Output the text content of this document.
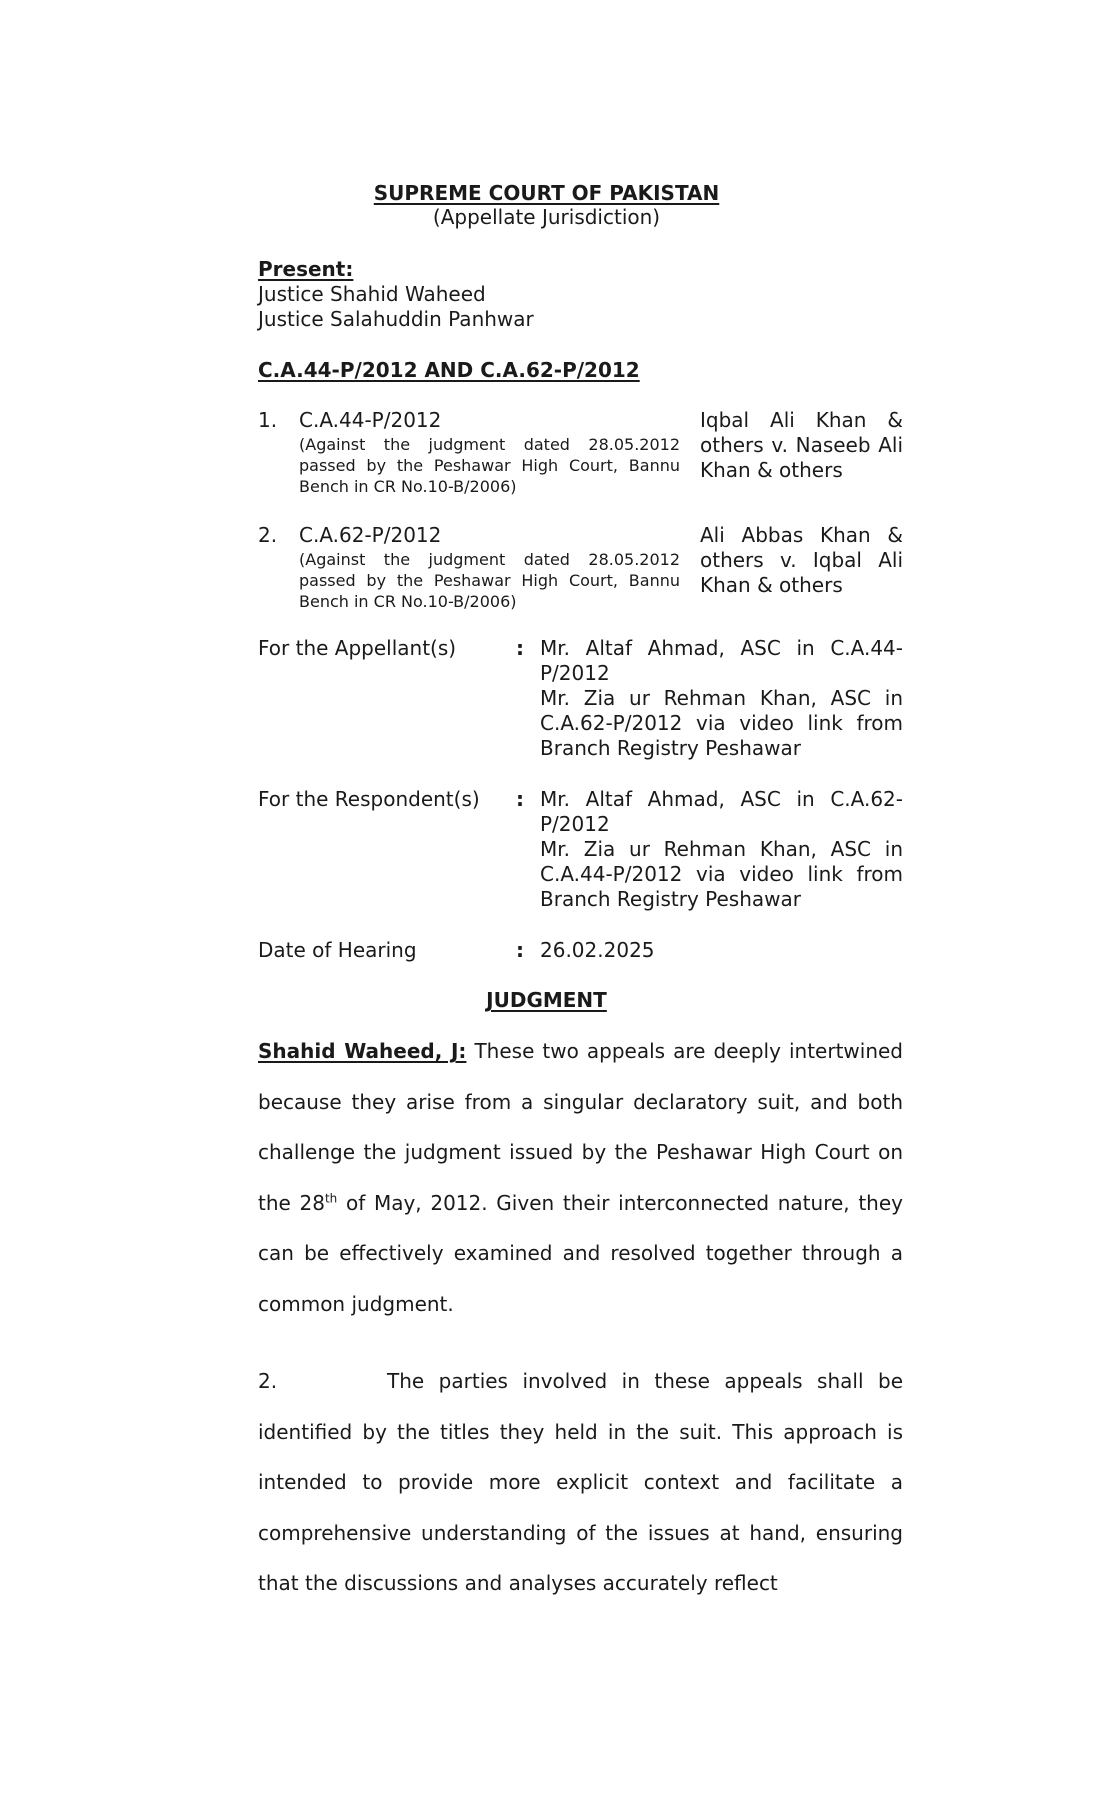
SUPREME COURT OF PAKISTAN
(Appellate Jurisdiction)
Present:
Justice Shahid Waheed
Justice Salahuddin Panhwar
C.A.44-P/2012 AND C.A.62-P/2012
1. C.A.44-P/2012
(Against the judgment dated 28.05.2012 passed by the Peshawar High Court, Bannu Bench in CR No.10-B/2006)
Iqbal Ali Khan & others v. Naseeb Ali Khan & others
2. C.A.62-P/2012
(Against the judgment dated 28.05.2012 passed by the Peshawar High Court, Bannu Bench in CR No.10-B/2006)
Ali Abbas Khan & others v. Iqbal Ali Khan & others
For the Appellant(s)	: Mr. Altaf Ahmad, ASC in C.A.44-P/2012
Mr. Zia ur Rehman Khan, ASC in C.A.62-P/2012 via video link from Branch Registry Peshawar
For the Respondent(s) : Mr. Altaf Ahmad, ASC in C.A.62-P/2012
Mr. Zia ur Rehman Khan, ASC in C.A.44-P/2012 via video link from Branch Registry Peshawar
Date of Hearing	: 26.02.2025
JUDGMENT
Shahid Waheed, J: These two appeals are deeply intertwined because they arise from a singular declaratory suit, and both challenge the judgment issued by the Peshawar High Court on the 28th of May, 2012. Given their interconnected nature, they can be effectively examined and resolved together through a common judgment.
2.	The parties involved in these appeals shall be identified by the titles they held in the suit. This approach is intended to provide more explicit context and facilitate a comprehensive understanding of the issues at hand, ensuring that the discussions and analyses accurately reflect
